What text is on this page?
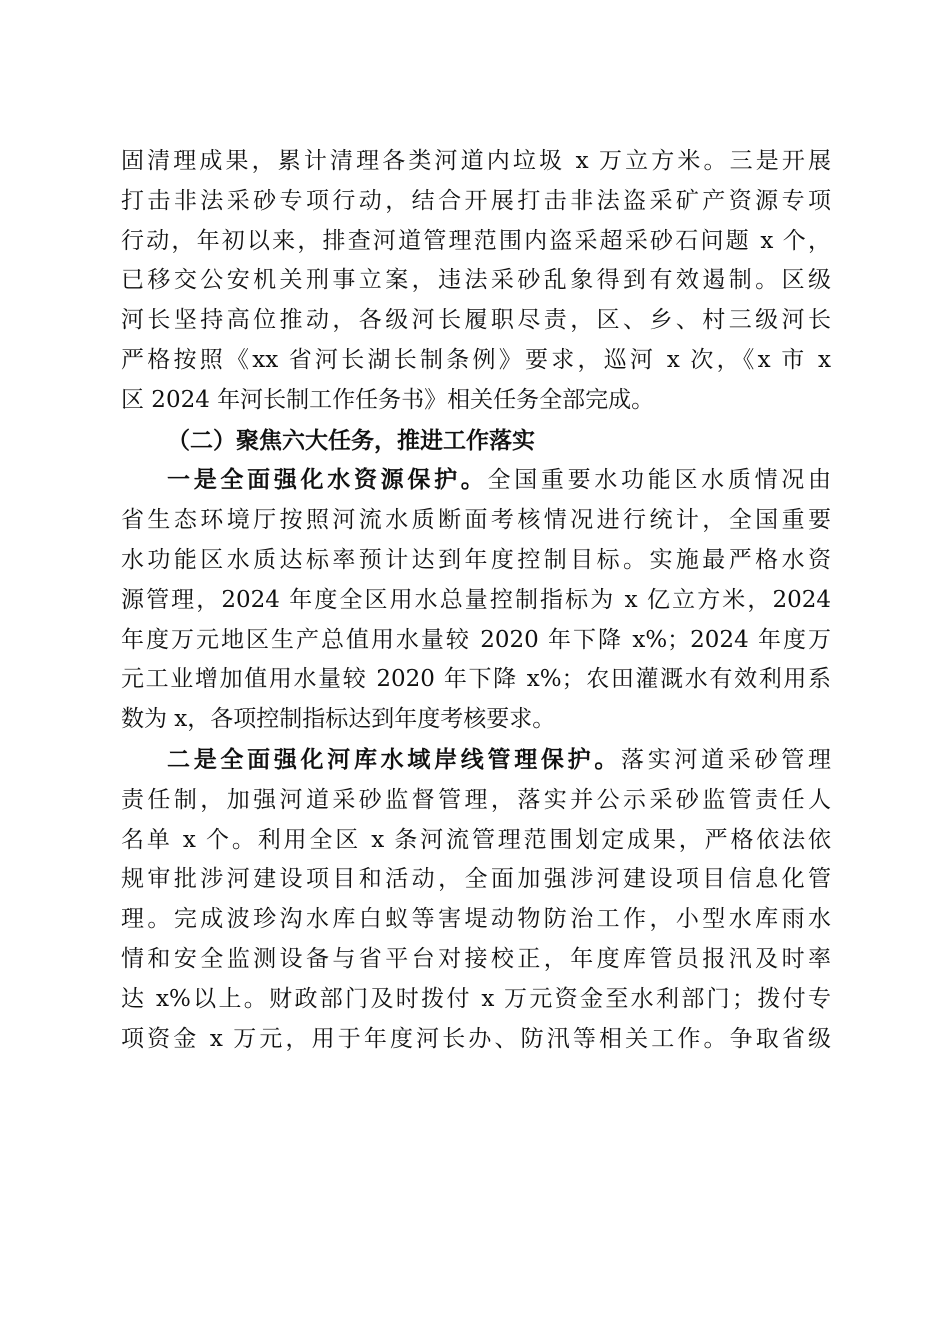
固清理成果，累计清理各类河道内垃圾 x 万立方米。三是开展
打击非法采砂专项行动，结合开展打击非法盗采矿产资源专项
行动，年初以来，排查河道管理范围内盗采超采砂石问题 x 个，
已移交公安机关刑事立案，违法采砂乱象得到有效遏制。区级
河长坚持高位推动，各级河长履职尽责，区、乡、村三级河长
严格按照《xx 省河长湖长制条例》要求，巡河 x 次，《x 市 x
区 2024 年河长制工作任务书》相关任务全部完成。
（二）聚焦六大任务，推进工作落实
一是全面强化水资源保护。全国重要水功能区水质情况由
省生态环境厅按照河流水质断面考核情况进行统计，全国重要
水功能区水质达标率预计达到年度控制目标。实施最严格水资
源管理，2024 年度全区用水总量控制指标为 x 亿立方米，2024
年度万元地区生产总值用水量较 2020 年下降 x%；2024 年度万
元工业增加值用水量较 2020 年下降 x%；农田灌溉水有效利用系
数为 x，各项控制指标达到年度考核要求。
二是全面强化河库水域岸线管理保护。落实河道采砂管理
责任制，加强河道采砂监督管理，落实并公示采砂监管责任人
名单 x 个。利用全区 x 条河流管理范围划定成果，严格依法依
规审批涉河建设项目和活动，全面加强涉河建设项目信息化管
理。完成波珍沟水库白蚁等害堤动物防治工作，小型水库雨水
情和安全监测设备与省平台对接校正，年度库管员报汛及时率
达 x%以上。财政部门及时拨付 x 万元资金至水利部门；拨付专
项资金 x 万元，用于年度河长办、防汛等相关工作。争取省级
